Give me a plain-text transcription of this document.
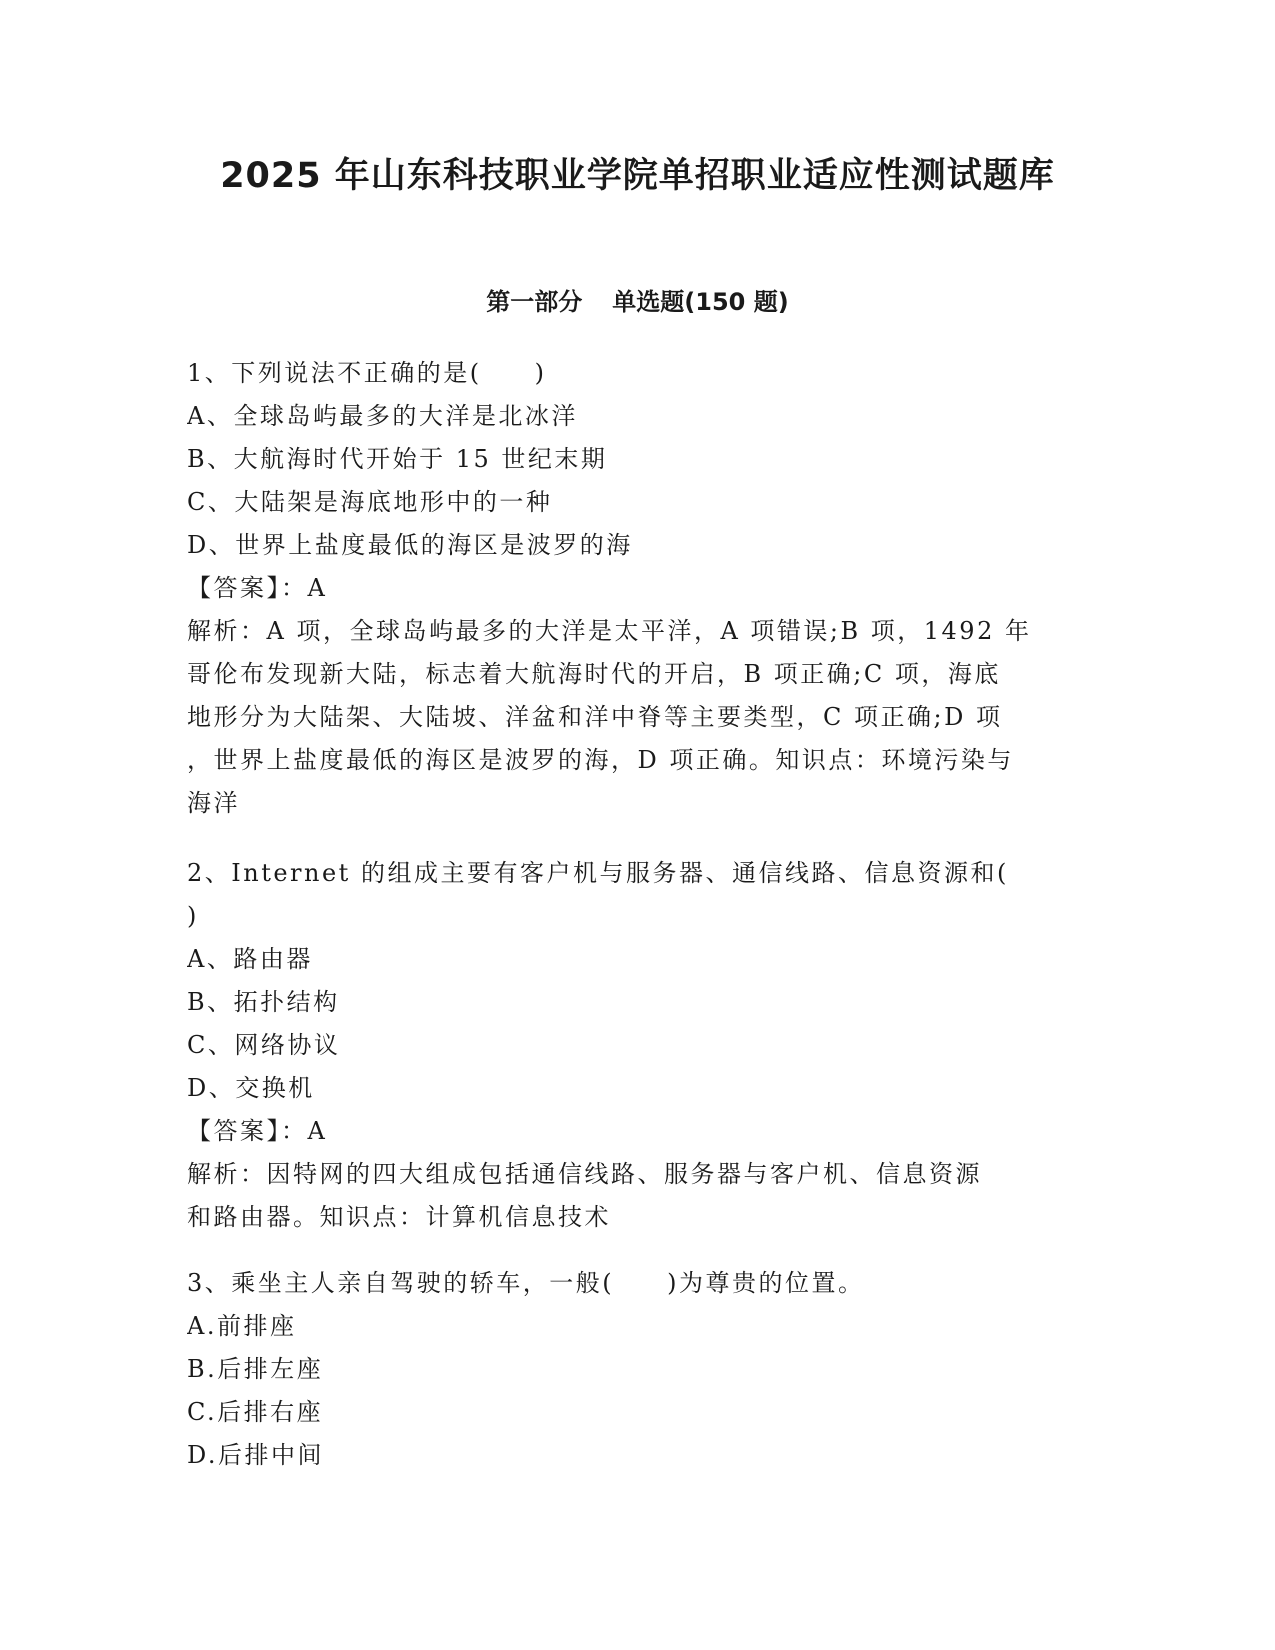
2025 年山东科技职业学院单招职业适应性测试题库
第一部分 单选题(150 题)
1、下列说法不正确的是(　　)
A、全球岛屿最多的大洋是北冰洋
B、大航海时代开始于 15 世纪末期
C、大陆架是海底地形中的一种
D、世界上盐度最低的海区是波罗的海
【答案】：A
解析：A 项，全球岛屿最多的大洋是太平洋，A 项错误;B 项，1492 年
哥伦布发现新大陆，标志着大航海时代的开启，B 项正确;C 项，海底
地形分为大陆架、大陆坡、洋盆和洋中脊等主要类型，C 项正确;D 项
，世界上盐度最低的海区是波罗的海，D 项正确。知识点：环境污染与
海洋
2、Internet 的组成主要有客户机与服务器、通信线路、信息资源和(
)
A、路由器
B、拓扑结构
C、网络协议
D、交换机
【答案】：A
解析：因特网的四大组成包括通信线路、服务器与客户机、信息资源
和路由器。知识点：计算机信息技术
3、乘坐主人亲自驾驶的轿车，一般(　　)为尊贵的位置。
A.前排座
B.后排左座
C.后排右座
D.后排中间
